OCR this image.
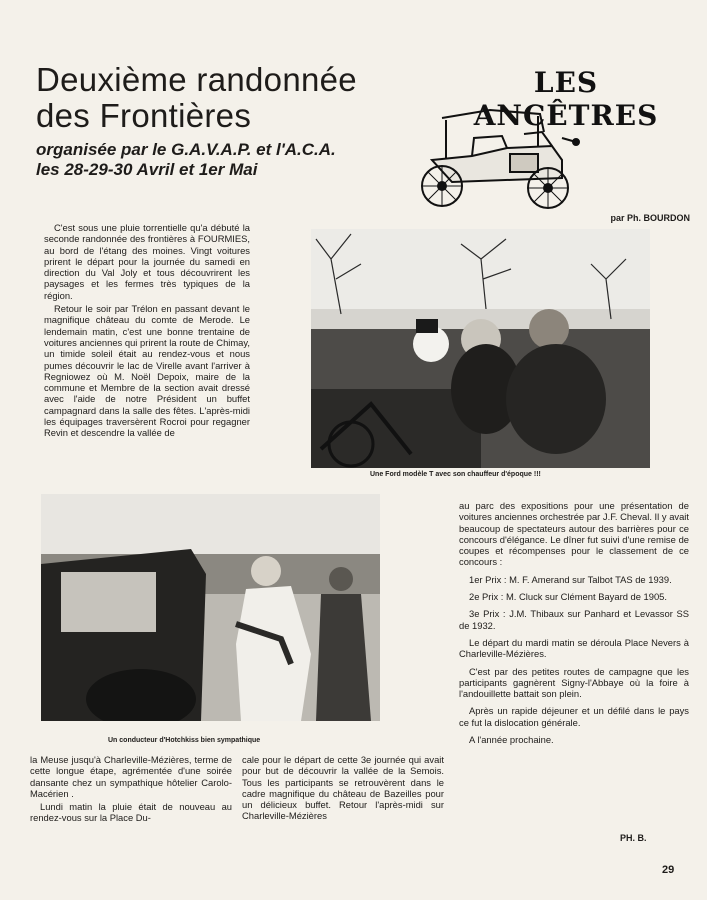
Deuxième randonnée
des Frontières
organisée par le G.A.V.A.P. et l'A.C.A.
les 28-29-30 Avril et 1er Mai
LES ANCÊTRES
par Ph. BOURDON
Une Ford modèle T avec son chauffeur d'époque !!!
Un conducteur d'Hotchkiss bien sympathique

C'est sous une pluie torrentielle qu'a débuté la seconde randonnée des frontières à FOURMIES, au bord de l'étang des moines. Vingt voitures prirent le départ pour la journée du samedi en direction du Val Joly et tous découvrirent les paysages et les fermes très typiques de la région.

Retour le soir par Trélon en passant devant le magnifique château du comte de Merode. Le lendemain matin, c'est une bonne trentaine de voitures anciennes qui prirent la route de Chimay, un timide soleil était au rendez-vous et nous pumes découvrir le lac de Virelle avant l'arriver à Regniowez où M. Noël Depoix, maire de la commune et Membre de la section avait dressé avec l'aide de notre Président un buffet campagnard dans la salle des fêtes. L'après-midi les équipages traversèrent Rocroi pour regagner Revin et descendre la vallée de

la Meuse jusqu'à Charleville-Mézières, terme de cette longue étape, agrémentée d'une soirée dansante chez un sympathique hôtelier Carolo-Macérien .

Lundi matin la pluie était de nouveau au rendez-vous sur la Place Du-

cale pour le départ de cette 3e journée qui avait pour but de découvrir la vallée de la Semois. Tous les participants se retrouvèrent dans le cadre magnifique du château de Bazeilles pour un délicieux buffet. Retour l'après-midi sur Charleville-Mézières

au parc des expositions pour une présentation de voitures anciennes orchestrée par J.F. Cheval. Il y avait beaucoup de spectateurs autour des barrières pour ce concours d'élégance. Le dîner fut suivi d'une remise de coupes et récompenses pour le classement de ce concours :

1er Prix : M. F. Amerand sur Talbot TAS de 1939.

2e Prix : M. Cluck sur Clément Bayard de 1905.

3e Prix : J.M. Thibaux sur Panhard et Levassor SS de 1932.

Le départ du mardi matin se déroula Place Nevers à Charleville-Mézières.

C'est par des petites routes de campagne que les participants gagnèrent Signy-l'Abbaye où la foire à l'andouillette battait son plein.

Après un rapide déjeuner et un défilé dans le pays ce fut la dislocation générale.

A l'année prochaine.

PH. B.
29
